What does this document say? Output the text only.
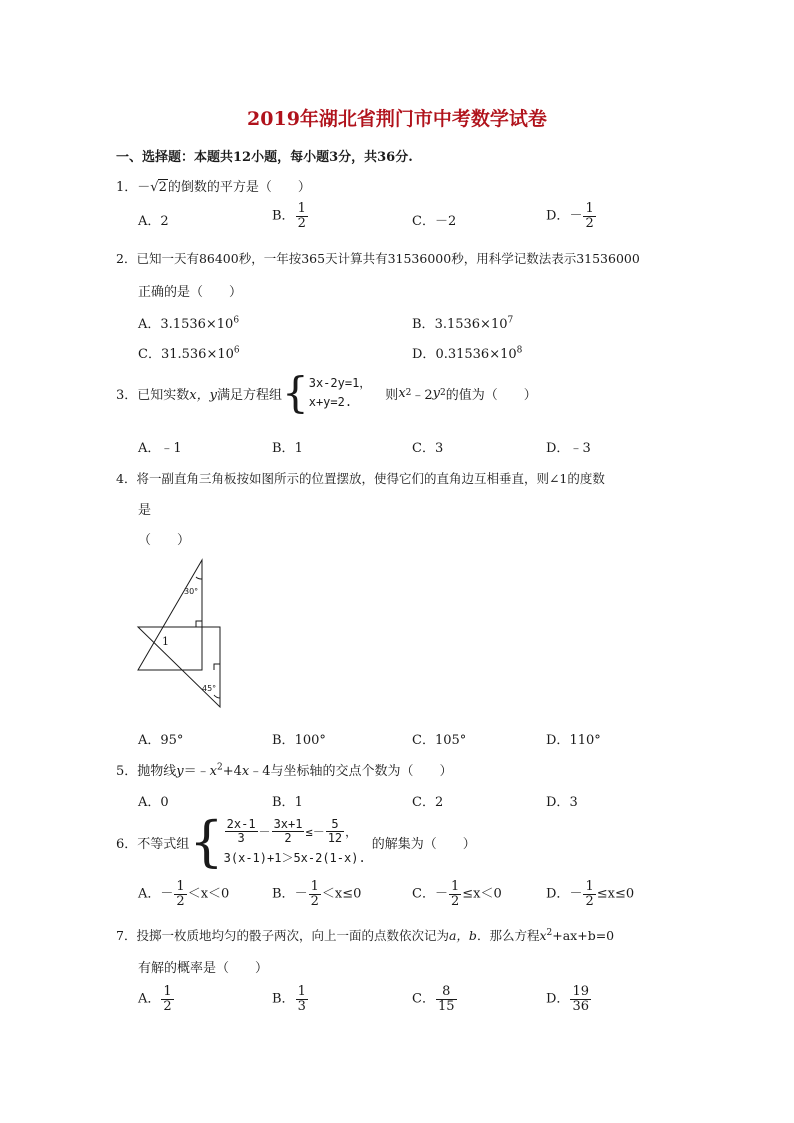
2019年湖北省荆门市中考数学试卷
一、选择题：本题共12小题，每小题3分，共36分.
1．－√2的倒数的平方是（　　）
A．2	B． $\frac{1}{2}$	C．－2	D．－ $\frac{1}{2}$
2．已知一天有86400秒，一年按365天计算共有31536000秒，用科学记数法表示31536000
正确的是（　　）
A．$3.1536\times 10^6$	B．$3.1536\times 10^7$
C．$31.536\times 10^6$	D．$0.31536\times 10^8$
3．已知实数 x，y 满足方程组 { 3x-2y=1，
x+y=2.	则 x 2 ﹣2 y 2 的值为（　　）
A．﹣1	B．1	C．3	D．﹣3
4．将一副直角三角板按如图所示的位置摆放，使得它们的直角边互相垂直，则∠1的度数
是
（　　）
30°
45°
1
A．95°	B．100°	C．105°	D．110°
5．抛物线$y=﹣x^2+4x﹣4$与坐标轴的交点个数为（　　）
A．0	B．1	C．2	D．3
6．不等式组 { $\frac{2x-1}{3} - \frac{3x+1}{2} \le- \frac{5}{12}$ ，
3(x-1)+1＞5x-2(1-x).
的解集为（　　）
A．－ $\frac{1}{2} <x<0$	B．－ $\frac{1}{2} <x\le 0$	C．－ $\frac{1}{2} \le x<0$	D．－ $\frac{1}{2} \le x\le 0$
7．投掷一枚质地均匀的骰子两次，向上一面的点数依次记为a，b．那么方程$x^2+ax+b=0$
有解的概率是（　　）
A． $\frac{1}{2}$	B． $\frac{1}{3}$	C． $\frac{8}{15}$	D． $\frac{19}{36}$
